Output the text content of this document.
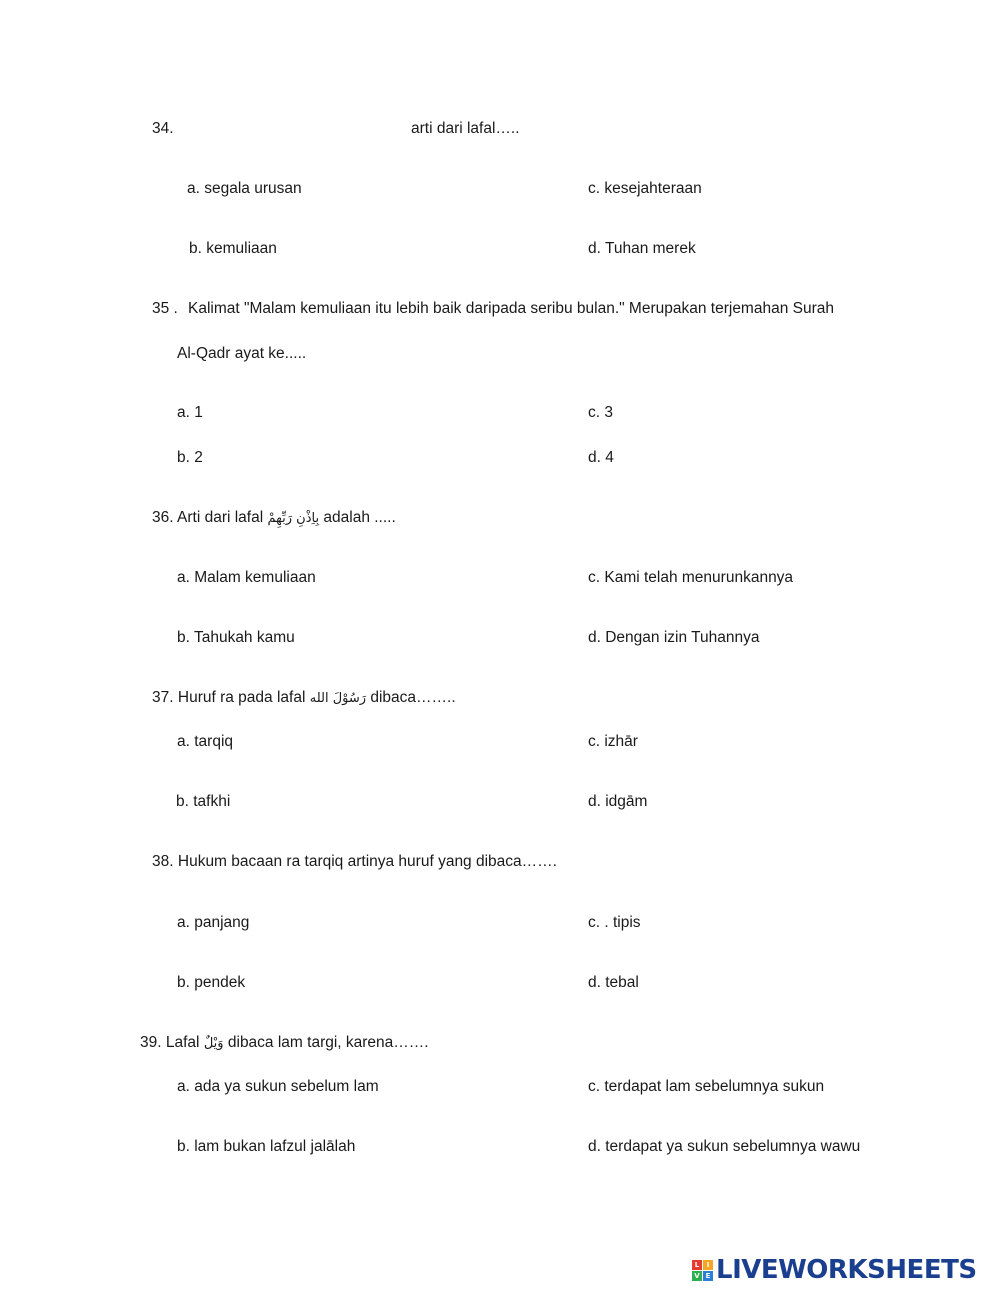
34.	arti dari lafal…..
a. segala urusan	c. kesejahteraan
b. kemuliaan	d. Tuhan merek
35 . Kalimat "Malam kemuliaan itu lebih baik daripada seribu bulan." Merupakan terjemahan Surah
Al-Qadr ayat ke.....
a. 1	c. 3
b. 2	d. 4
36. Arti dari lafal بِاِذْنِ رَبِّهِمْ adalah .....
a. Malam kemuliaan	c. Kami telah menurunkannya
b. Tahukah kamu	d. Dengan izin Tuhannya
37. Huruf ra pada lafal رَسُوْلَ الله dibaca……..
a. tarqiq	c. izhār
b. tafkhi	d. idgām
38. Hukum bacaan ra tarqiq artinya huruf yang dibaca…….
a. panjang	c. . tipis
b. pendek	d. tebal
39. Lafal وَيْلٌ dibaca lam targi, karena…….
a. ada ya sukun sebelum lam	c. terdapat lam sebelumnya sukun
b. lam bukan lafzul jalālah	d. terdapat ya sukun sebelumnya wawu
L	I
V E LIVEWORKSHEETS
